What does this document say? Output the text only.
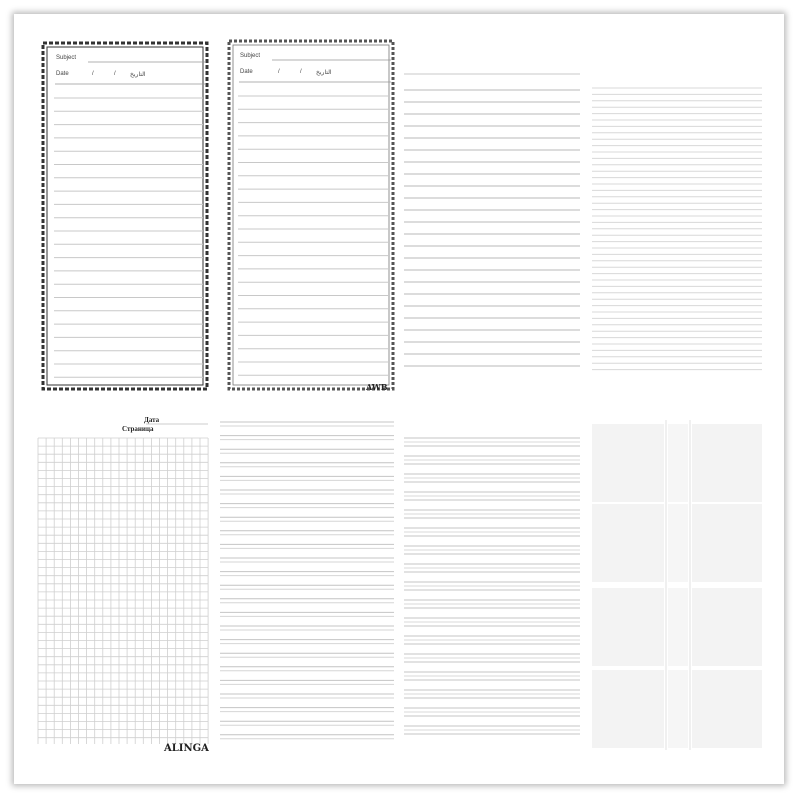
Subject
Date	/	/ التاريخ
Subject
Date	/	/ التاريخ
AWB
Дата
Страница
ALINGA
